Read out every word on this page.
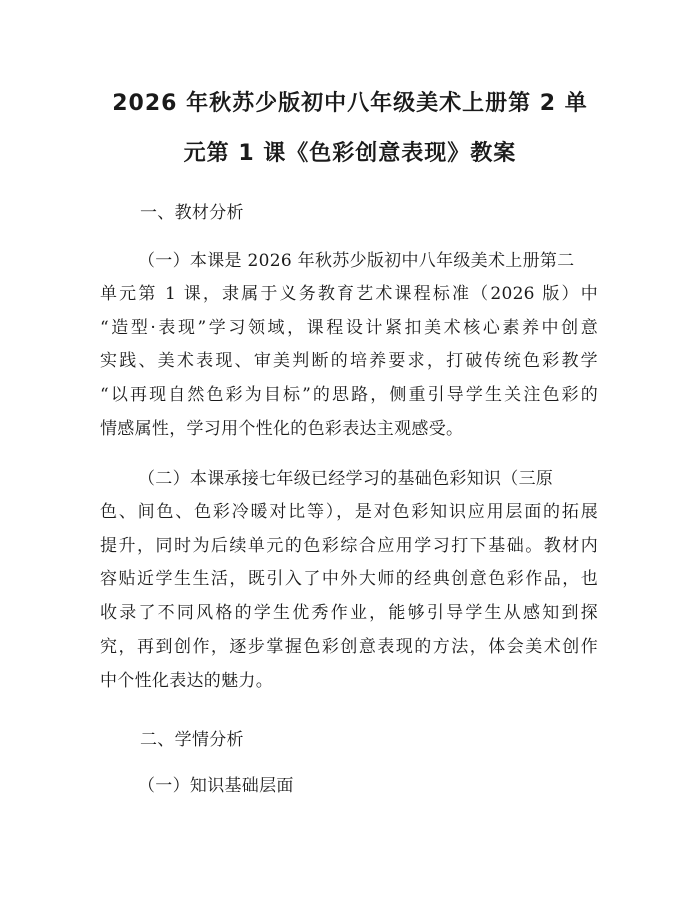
2026 年秋苏少版初中八年级美术上册第 2 单
元第 1 课《色彩创意表现》教案
一、教材分析
（一）本课是 2026 年秋苏少版初中八年级美术上册第二
单元第 1 课，隶属于义务教育艺术课程标准（2026 版）中
“造型·表现”学习领域，课程设计紧扣美术核心素养中创意
实践、美术表现、审美判断的培养要求，打破传统色彩教学
“以再现自然色彩为目标”的思路，侧重引导学生关注色彩的
情感属性，学习用个性化的色彩表达主观感受。
（二）本课承接七年级已经学习的基础色彩知识（三原
色、间色、色彩冷暖对比等），是对色彩知识应用层面的拓展
提升，同时为后续单元的色彩综合应用学习打下基础。教材内
容贴近学生生活，既引入了中外大师的经典创意色彩作品，也
收录了不同风格的学生优秀作业，能够引导学生从感知到探
究，再到创作，逐步掌握色彩创意表现的方法，体会美术创作
中个性化表达的魅力。
二、学情分析
（一）知识基础层面
